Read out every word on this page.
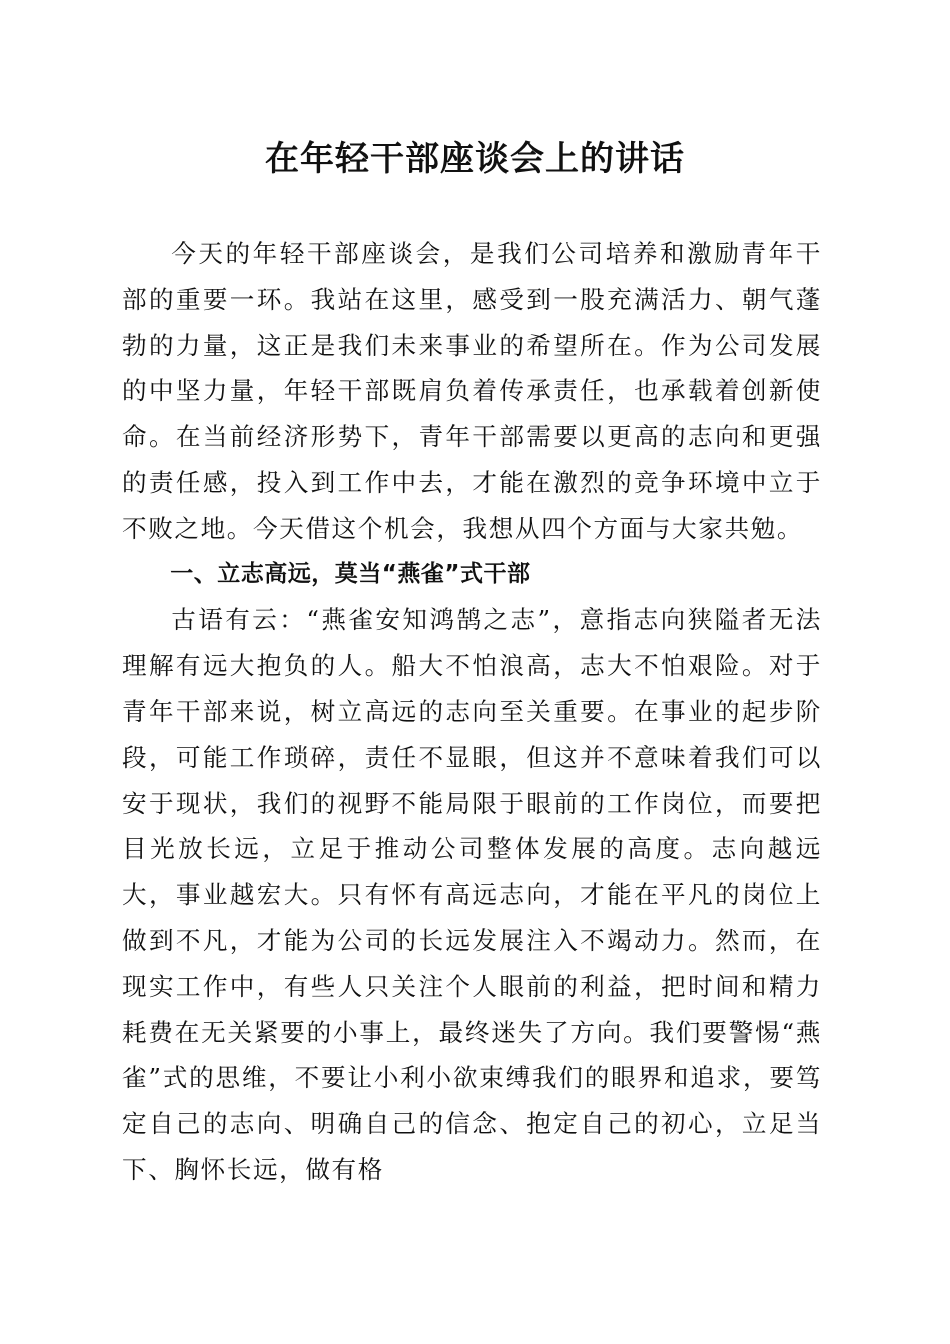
在年轻干部座谈会上的讲话

今天的年轻干部座谈会，是我们公司培养和激励青年干部的重要一环。我站在这里，感受到一股充满活力、朝气蓬勃的力量，这正是我们未来事业的希望所在。作为公司发展的中坚力量，年轻干部既肩负着传承责任，也承载着创新使命。在当前经济形势下，青年干部需要以更高的志向和更强的责任感，投入到工作中去，才能在激烈的竞争环境中立于不败之地。今天借这个机会，我想从四个方面与大家共勉。

一、立志高远，莫当“燕雀”式干部

古语有云：“燕雀安知鸿鹄之志”，意指志向狭隘者无法理解有远大抱负的人。船大不怕浪高，志大不怕艰险。对于青年干部来说，树立高远的志向至关重要。在事业的起步阶段，可能工作琐碎，责任不显眼，但这并不意味着我们可以安于现状，我们的视野不能局限于眼前的工作岗位，而要把目光放长远，立足于推动公司整体发展的高度。志向越远大，事业越宏大。只有怀有高远志向，才能在平凡的岗位上做到不凡，才能为公司的长远发展注入不竭动力。然而，在现实工作中，有些人只关注个人眼前的利益，把时间和精力耗费在无关紧要的小事上，最终迷失了方向。我们要警惕“燕雀”式的思维，不要让小利小欲束缚我们的眼界和追求，要笃定自己的志向、明确自己的信念、抱定自己的初心，立足当下、胸怀长远，做有格
